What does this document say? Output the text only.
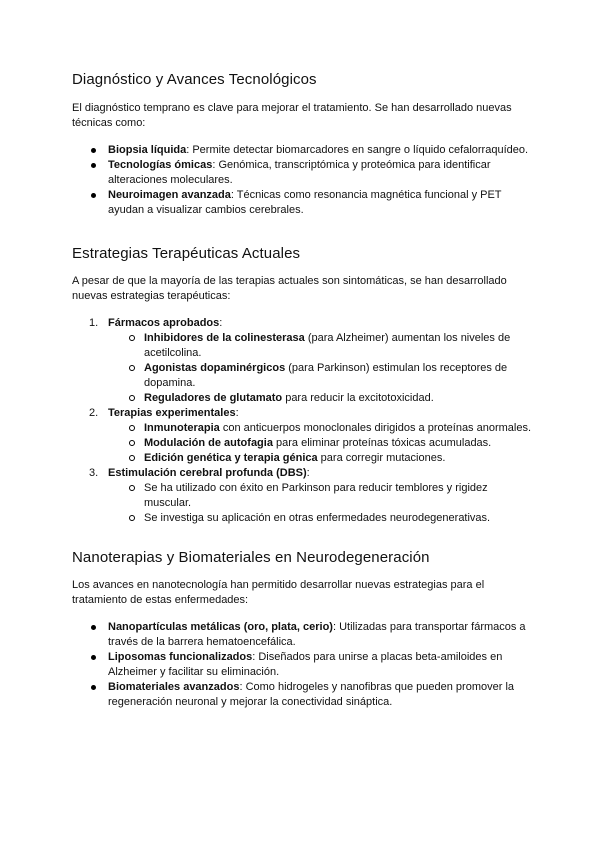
Diagnóstico y Avances Tecnológicos

El diagnóstico temprano es clave para mejorar el tratamiento. Se han desarrollado nuevas técnicas como:

Biopsia líquida: Permite detectar biomarcadores en sangre o líquido cefalorraquídeo.
Tecnologías ómicas: Genómica, transcriptómica y proteómica para identificar alteraciones moleculares.
Neuroimagen avanzada: Técnicas como resonancia magnética funcional y PET ayudan a visualizar cambios cerebrales.
Estrategias Terapéuticas Actuales

A pesar de que la mayoría de las terapias actuales son sintomáticas, se han desarrollado nuevas estrategias terapéuticas:

1. Fármacos aprobados:
Inhibidores de la colinesterasa (para Alzheimer) aumentan los niveles de acetilcolina.
Agonistas dopaminérgicos (para Parkinson) estimulan los receptores de dopamina.
Reguladores de glutamato para reducir la excitotoxicidad.
2. Terapias experimentales:
Inmunoterapia con anticuerpos monoclonales dirigidos a proteínas anormales.
Modulación de autofagia para eliminar proteínas tóxicas acumuladas.
Edición genética y terapia génica para corregir mutaciones.
3. Estimulación cerebral profunda (DBS):
Se ha utilizado con éxito en Parkinson para reducir temblores y rigidez muscular.
Se investiga su aplicación en otras enfermedades neurodegenerativas.
Nanoterapias y Biomateriales en Neurodegeneración

Los avances en nanotecnología han permitido desarrollar nuevas estrategias para el tratamiento de estas enfermedades:

Nanopartículas metálicas (oro, plata, cerio): Utilizadas para transportar fármacos a través de la barrera hematoencefálica.
Liposomas funcionalizados: Diseñados para unirse a placas beta-amiloides en Alzheimer y facilitar su eliminación.
Biomateriales avanzados: Como hidrogeles y nanofibras que pueden promover la regeneración neuronal y mejorar la conectividad sináptica.
